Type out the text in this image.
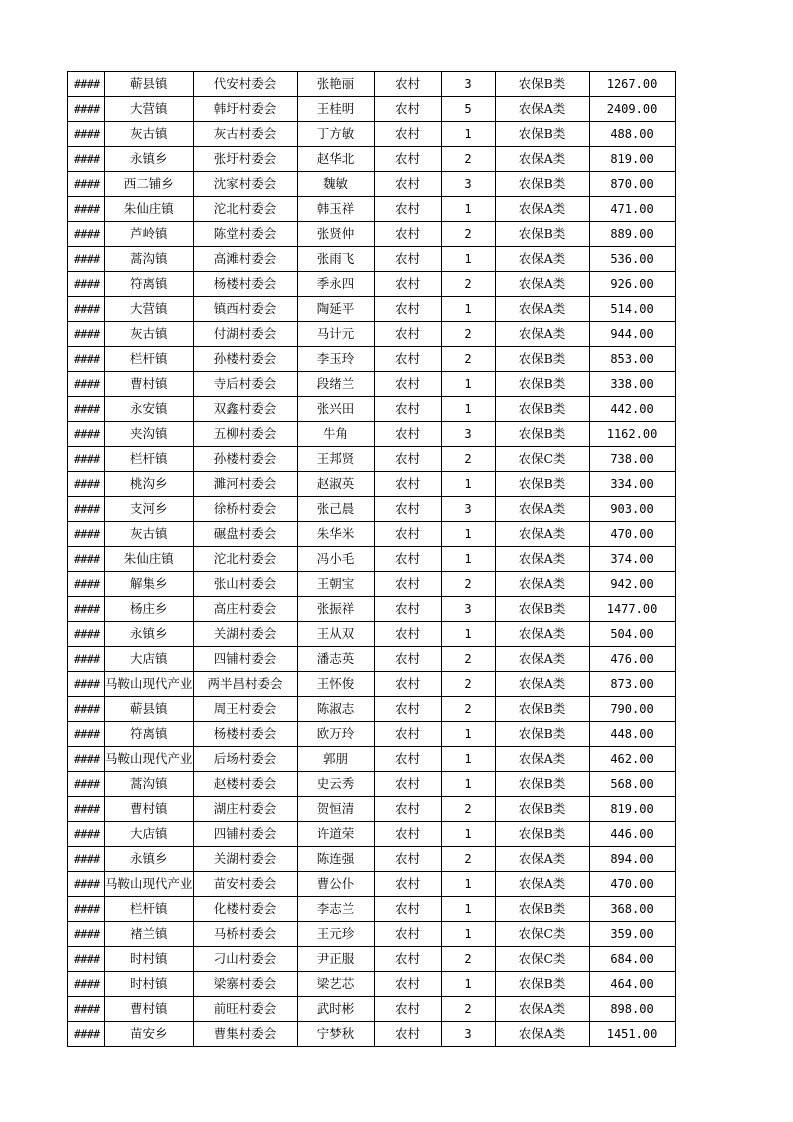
####	蕲县镇	代安村委会	张艳丽	农村	3	农保B类	1267.00
####	大营镇	韩圩村委会	王桂明	农村	5	农保A类	2409.00
####	灰古镇	灰古村委会	丁方敏	农村	1	农保B类	488.00
####	永镇乡	张圩村委会	赵华北	农村	2	农保A类	819.00
####	西二铺乡	沈家村委会	魏敏	农村	3	农保B类	870.00
####	朱仙庄镇	沱北村委会	韩玉祥	农村	1	农保A类	471.00
####	芦岭镇	陈堂村委会	张贤仲	农村	2	农保B类	889.00
####	蒿沟镇	高滩村委会	张雨飞	农村	1	农保A类	536.00
####	符离镇	杨楼村委会	季永四	农村	2	农保A类	926.00
####	大营镇	镇西村委会	陶延平	农村	1	农保A类	514.00
####	灰古镇	付湖村委会	马计元	农村	2	农保A类	944.00
####	栏杆镇	孙楼村委会	李玉玲	农村	2	农保B类	853.00
####	曹村镇	寺后村委会	段绪兰	农村	1	农保B类	338.00
####	永安镇	双鑫村委会	张兴田	农村	1	农保B类	442.00
####	夹沟镇	五柳村委会	牛角	农村	3	农保B类	1162.00
####	栏杆镇	孙楼村委会	王邦贤	农村	2	农保C类	738.00
####	桃沟乡	濉河村委会	赵淑英	农村	1	农保B类	334.00
####	支河乡	徐桥村委会	张己晨	农村	3	农保A类	903.00
####	灰古镇	碾盘村委会	朱华米	农村	1	农保A类	470.00
####	朱仙庄镇	沱北村委会	冯小毛	农村	1	农保A类	374.00
####	解集乡	张山村委会	王朝宝	农村	2	农保A类	942.00
####	杨庄乡	高庄村委会	张振祥	农村	3	农保B类	1477.00
####	永镇乡	关湖村委会	王从双	农村	1	农保A类	504.00
####	大店镇	四铺村委会	潘志英	农村	2	农保A类	476.00
####	马鞍山现代产业	两半昌村委会	王怀俊	农村	2	农保A类	873.00
####	蕲县镇	周王村委会	陈淑志	农村	2	农保B类	790.00
####	符离镇	杨楼村委会	欧万玲	农村	1	农保B类	448.00
####	马鞍山现代产业	后场村委会	郭朋	农村	1	农保A类	462.00
####	蒿沟镇	赵楼村委会	史云秀	农村	1	农保B类	568.00
####	曹村镇	湖庄村委会	贺恒清	农村	2	农保B类	819.00
####	大店镇	四铺村委会	许道荣	农村	1	农保B类	446.00
####	永镇乡	关湖村委会	陈连强	农村	2	农保A类	894.00
####	马鞍山现代产业	苗安村委会	曹公仆	农村	1	农保A类	470.00
####	栏杆镇	化楼村委会	李志兰	农村	1	农保B类	368.00
####	褚兰镇	马桥村委会	王元珍	农村	1	农保C类	359.00
####	时村镇	刁山村委会	尹正服	农村	2	农保C类	684.00
####	时村镇	梁寨村委会	梁艺芯	农村	1	农保B类	464.00
####	曹村镇	前旺村委会	武时彬	农村	2	农保A类	898.00
####	苗安乡	曹集村委会	宁梦秋	农村	3	农保A类	1451.00
